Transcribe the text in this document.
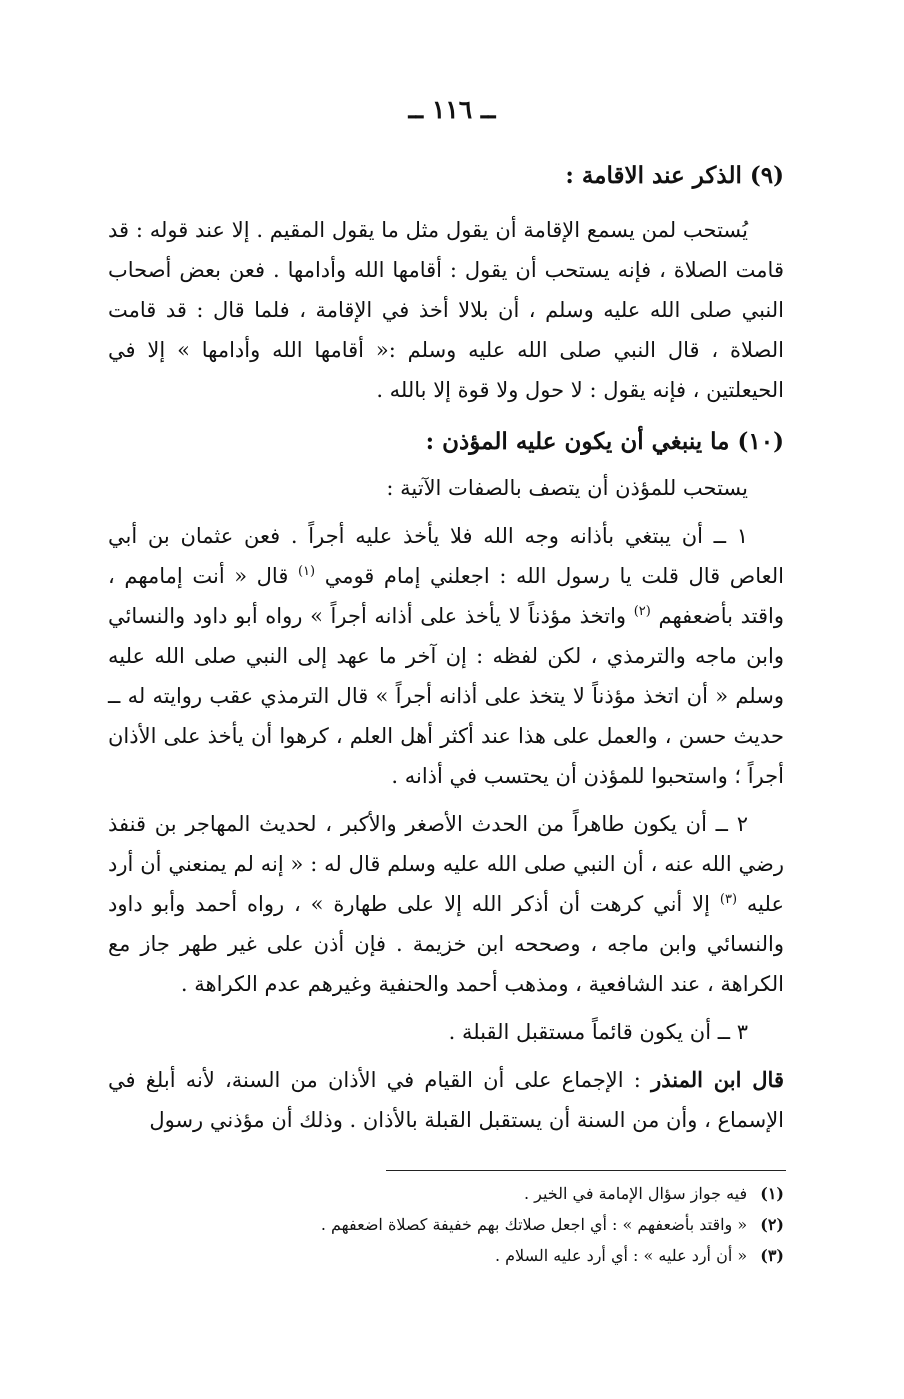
ــ ١١٦ ــ
(٩) الذكر عند الاقامة :

يُستحب لمن يسمع الإقامة أن يقول مثل ما يقول المقيم . إلا عند قوله : قد قامت الصلاة ، فإنه يستحب أن يقول : أقامها الله وأدامها . فعن بعض أصحاب النبي صلى الله عليه وسلم ، أن بلالا أخذ في الإقامة ، فلما قال : قد قامت الصلاة ، قال النبي صلى الله عليه وسلم :« أقامها الله وأدامها » إلا في الحيعلتين ، فإنه يقول : لا حول ولا قوة إلا بالله .

(١٠) ما ينبغي أن يكون عليه المؤذن :

يستحب للمؤذن أن يتصف بالصفات الآتية :

١ ــ أن يبتغي بأذانه وجه الله فلا يأخذ عليه أجراً . فعن عثمان بن أبي العاص قال قلت يا رسول الله : اجعلني إمام قومي $^{(١)}$ قال « أنت إمامهم ، واقتد بأضعفهم $^{(٢)}$ واتخذ مؤذناً لا يأخذ على أذانه أجراً » رواه أبو داود والنسائي وابن ماجه والترمذي ، لكن لفظه : إن آخر ما عهد إلى النبي صلى الله عليه وسلم « أن اتخذ مؤذناً لا يتخذ على أذانه أجراً » قال الترمذي عقب روايته له ــ حديث حسن ، والعمل على هذا عند أكثر أهل العلم ، كرهوا أن يأخذ على الأذان أجراً ؛ واستحبوا للمؤذن أن يحتسب في أذانه .

٢ ــ أن يكون طاهراً من الحدث الأصغر والأكبر ، لحديث المهاجر بن قنفذ رضي الله عنه ، أن النبي صلى الله عليه وسلم قال له : « إنه لم يمنعني أن أرد عليه $^{(٣)}$ إلا أني كرهت أن أذكر الله إلا على طهارة » ، رواه أحمد وأبو داود والنسائي وابن ماجه ، وصححه ابن خزيمة . فإن أذن على غير طهر جاز مع الكراهة ، عند الشافعية ، ومذهب أحمد والحنفية وغيرهم عدم الكراهة .

٣ ــ أن يكون قائماً مستقبل القبلة .

قال ابن المنذر : الإجماع على أن القيام في الأذان من السنة، لأنه أبلغ في الإسماع ، وأن من السنة أن يستقبل القبلة بالأذان . وذلك أن مؤذني رسول

(١) فيه جواز سؤال الإمامة في الخير .

(٢) « واقتد بأضعفهم » : أي اجعل صلاتك بهم خفيفة كصلاة اضعفهم .

(٣) « أن أرد عليه » : أي أرد عليه السلام .
